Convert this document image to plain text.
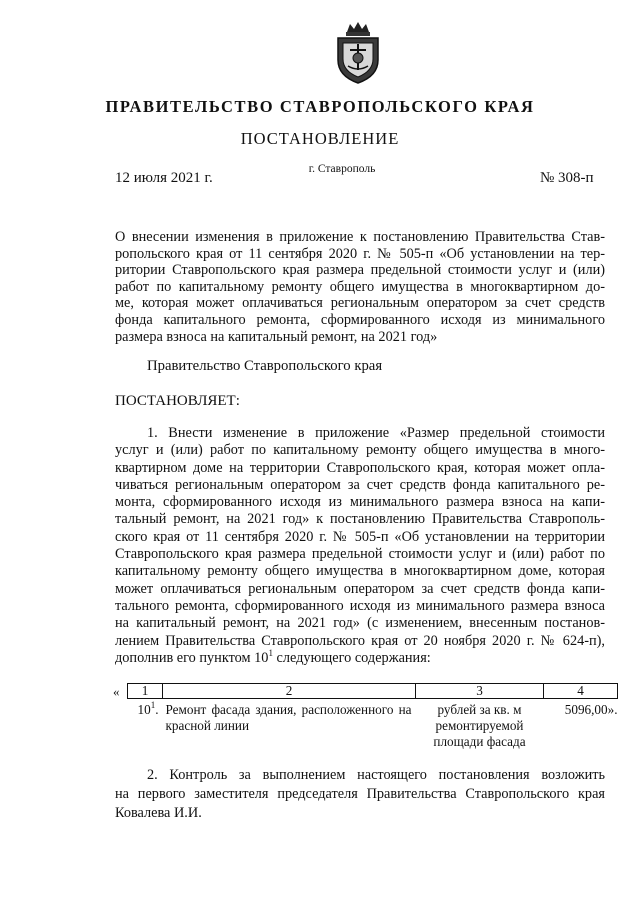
ПРАВИТЕЛЬСТВО СТАВРОПОЛЬСКОГО КРАЯ
ПОСТАНОВЛЕНИЕ
12 июля 2021 г.
г. Ставрополь
№ 308-п
О внесении изменения в приложение к постановлению Правительства Став-
ропольского края от 11 сентября 2020 г. № 505-п «Об установлении на тер-
ритории Ставропольского края размера предельной стоимости услуг и (или)
работ по капитальному ремонту общего имущества в многоквартирном до-
ме, которая может оплачиваться региональным оператором за счет средств
фонда капитального ремонта, сформированного исходя из минимального
размера взноса на капитальный ремонт, на 2021 год»
Правительство Ставропольского края
ПОСТАНОВЛЯЕТ:
1. Внести изменение в приложение «Размер предельной стоимости
услуг и (или) работ по капитальному ремонту общего имущества в много-
квартирном доме на территории Ставропольского края, которая может опла-
чиваться региональным оператором за счет средств фонда капитального ре-
монта, сформированного исходя из минимального размера взноса на капи-
тальный ремонт, на 2021 год» к постановлению Правительства Ставрополь-
ского края от 11 сентября 2020 г. № 505-п «Об установлении на территории
Ставропольского края размера предельной стоимости услуг и (или) работ по
капитальному ремонту общего имущества в многоквартирном доме, которая
может оплачиваться региональным оператором за счет средств фонда капи-
тального ремонта, сформированного исходя из минимального размера взноса
на капитальный ремонт, на 2021 год» (с изменением, внесенным постанов-
лением Правительства Ставропольского края от 20 ноября 2020 г. № 624-п),
дополнив его пунктом $10^1$ следующего содержания:
« 1	2	3	4
$10^1$.	Ремонт фасада здания, расположенного на красной линии	рублей за кв. м ремонтируемой площади фасада	5096,00».
2. Контроль за выполнением настоящего постановления возложить
на первого заместителя председателя Правительства Ставропольского края
Ковалева И.И.
